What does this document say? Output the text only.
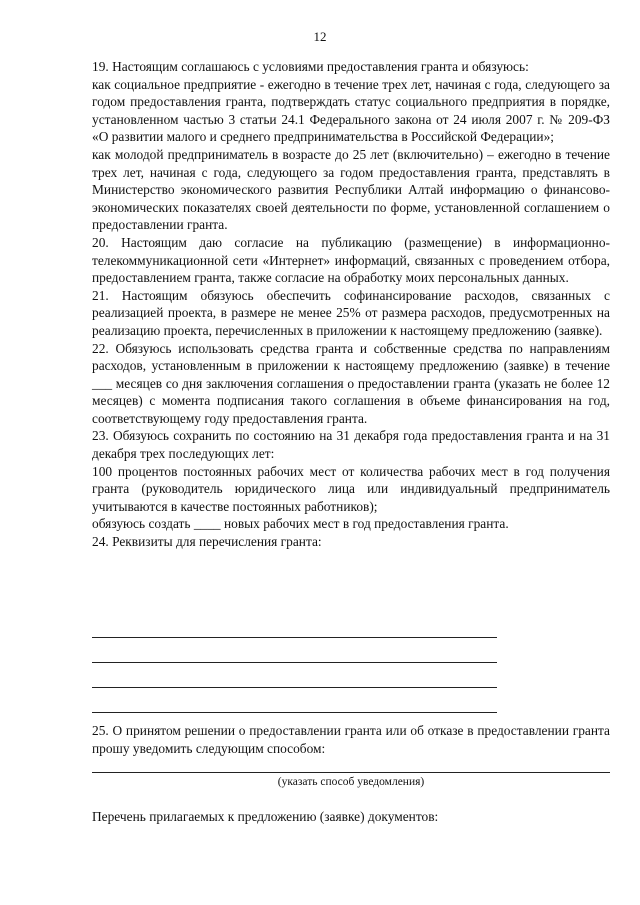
12

19. Настоящим соглашаюсь с условиями предоставления гранта и обязуюсь:

как социальное предприятие - ежегодно в течение трех лет, начиная с года, следующего за годом предоставления гранта, подтверждать статус социального предприятия в порядке, установленном частью 3 статьи 24.1 Федерального закона от 24 июля 2007 г. № 209-ФЗ «О развитии малого и среднего предпринимательства в Российской Федерации»;

как молодой предприниматель в возрасте до 25 лет (включительно) – ежегодно в течение трех лет, начиная с года, следующего за годом предоставления гранта, представлять в Министерство экономического развития Республики Алтай информацию о финансово-экономических показателях своей деятельности по форме, установленной соглашением о предоставлении гранта.

20. Настоящим даю согласие на публикацию (размещение) в информационно-телекоммуникационной сети «Интернет» информаций, связанных с проведением отбора, предоставлением гранта, также согласие на обработку моих персональных данных.

21. Настоящим обязуюсь обеспечить софинансирование расходов, связанных с реализацией проекта, в размере не менее 25% от размера расходов, предусмотренных на реализацию проекта, перечисленных в приложении к настоящему предложению (заявке).

22. Обязуюсь использовать средства гранта и собственные средства по направлениям расходов, установленным в приложении к настоящему предложению (заявке) в течение ___ месяцев со дня заключения соглашения о предоставлении гранта (указать не более 12 месяцев) с момента подписания такого соглашения в объеме финансирования на год, соответствующему году предоставления гранта.

23. Обязуюсь сохранить по состоянию на 31 декабря года предоставления гранта и на 31 декабря трех последующих лет:

100 процентов постоянных рабочих мест от количества рабочих мест в год получения гранта (руководитель юридического лица или индивидуальный предприниматель учитываются в качестве постоянных работников);

обязуюсь создать ____ новых рабочих мест в год предоставления гранта.

24. Реквизиты для перечисления гранта:

25. О принятом решении о предоставлении гранта или об отказе в предоставлении гранта прошу уведомить следующим способом:

(указать способ уведомления)
Перечень прилагаемых к предложению (заявке) документов:
